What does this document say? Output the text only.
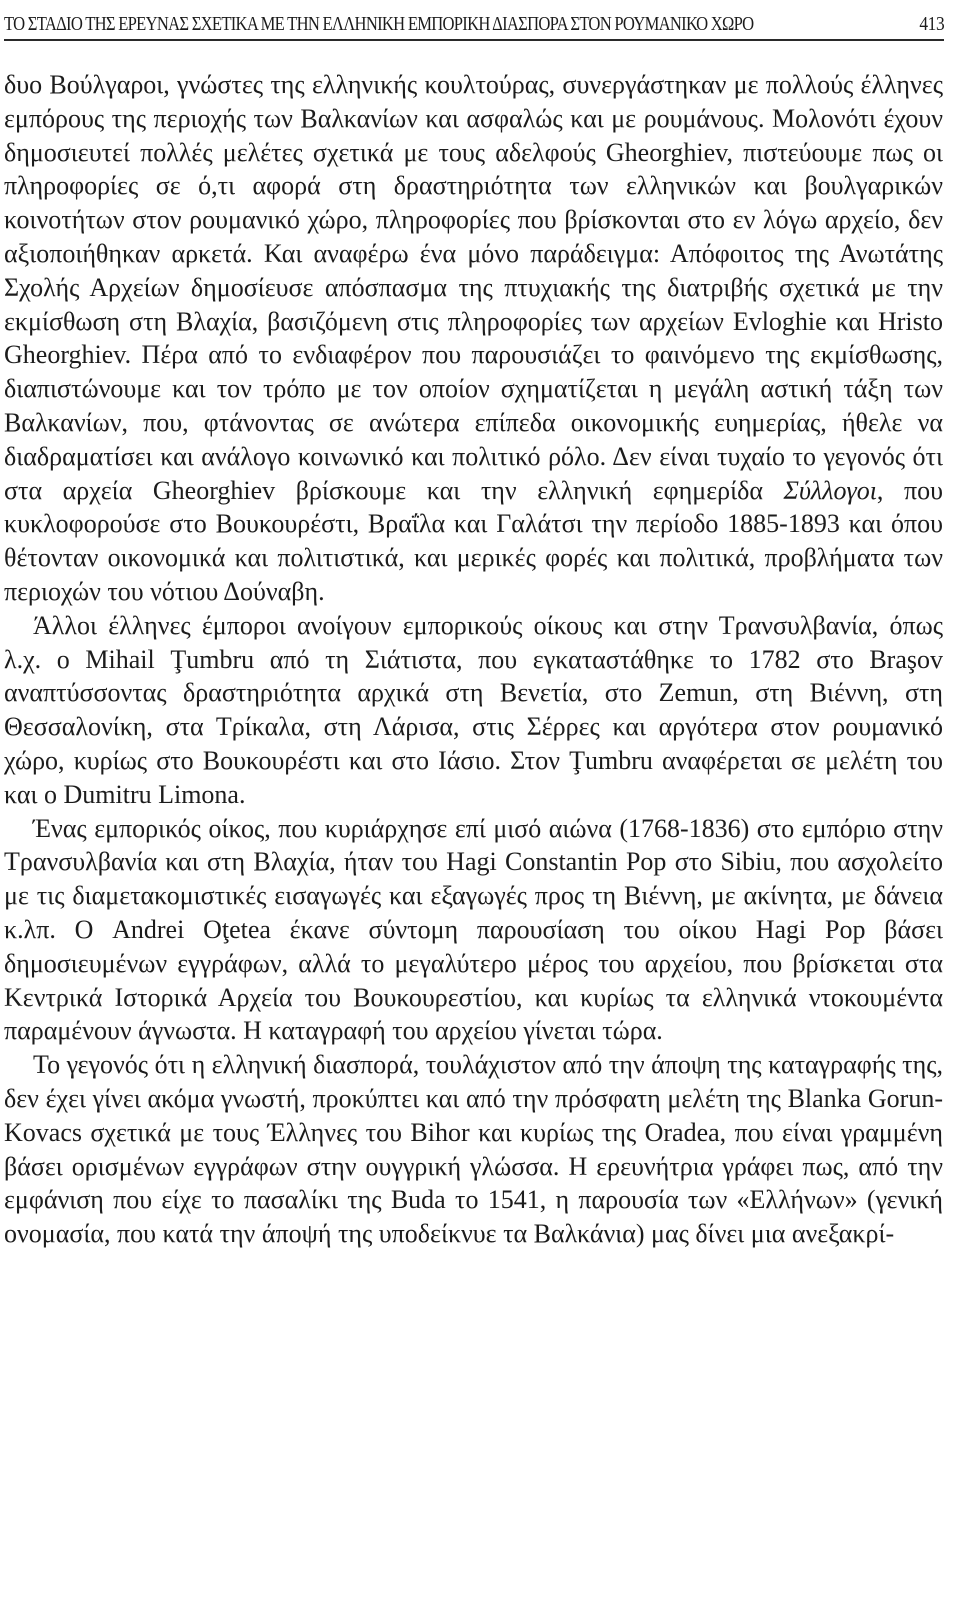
ΤΟ ΣΤΑΔΙΟ ΤΗΣ ΕΡΕΥΝΑΣ ΣΧΕΤΙΚΑ ΜΕ ΤΗΝ ΕΛΛΗΝΙΚΗ ΕΜΠΟΡΙΚΗ ΔΙΑΣΠΟΡΑ ΣΤΟΝ ΡΟΥΜΑΝΙΚΟ ΧΩΡΟ	413

δυο Βούλγαροι, γνώστες της ελληνικής κουλτούρας, συνεργάστηκαν με πολλούς έλληνες εμπόρους της περιοχής των Βαλκανίων και ασφαλώς και με ρουμάνους. Μολονότι έχουν δημοσιευτεί πολλές μελέτες σχετικά με τους αδελφούς Gheorghiev, πιστεύουμε πως οι πληροφορίες σε ό,τι αφορά στη δραστηριότητα των ελληνικών και βουλγαρικών κοινοτήτων στον ρουμανικό χώρο, πληροφορίες που βρίσκονται στο εν λόγω αρχείο, δεν αξιοποιήθηκαν αρκετά. Και αναφέρω ένα μόνο παράδειγμα: Απόφοιτος της Ανωτάτης Σχολής Αρχείων δημοσίευσε απόσπασμα της πτυχιακής της διατριβής σχετικά με την εκμίσθωση στη Βλαχία, βασιζόμενη στις πληροφορίες των αρχείων Evloghie και Hristo Gheorghiev. Πέρα από το ενδιαφέρον που παρουσιάζει το φαινόμενο της εκμίσθωσης, διαπιστώνουμε και τον τρόπο με τον οποίον σχηματίζεται η μεγάλη αστική τάξη των Βαλκανίων, που, φτάνοντας σε ανώτερα επίπεδα οικονομικής ευημερίας, ήθελε να διαδραματίσει και ανάλογο κοινωνικό και πολιτικό ρόλο. Δεν είναι τυχαίο το γεγονός ότι στα αρχεία Gheorghiev βρίσκουμε και την ελληνική εφημερίδα Σύλλογοι, που κυκλοφορούσε στο Βουκουρέστι, Βραΐλα και Γαλάτσι την περίοδο 1885-1893 και όπου θέτονταν οικονομικά και πολιτιστικά, και μερικές φορές και πολιτικά, προβλήματα των περιοχών του νότιου Δούναβη.

Άλλοι έλληνες έμποροι ανοίγουν εμπορικούς οίκους και στην Τρανσυλβανία, όπως λ.χ. ο Mihail Ţumbru από τη Σιάτιστα, που εγκαταστάθηκε το 1782 στο Braşov αναπτύσσοντας δραστηριότητα αρχικά στη Βενετία, στο Zemun, στη Βιέννη, στη Θεσσαλονίκη, στα Τρίκαλα, στη Λάρισα, στις Σέρρες και αργότερα στον ρουμανικό χώρο, κυρίως στο Βουκουρέστι και στο Ιάσιο. Στον Ţumbru αναφέρεται σε μελέτη του και ο Dumitru Limona.

Ένας εμπορικός οίκος, που κυριάρχησε επί μισό αιώνα (1768-1836) στο εμπόριο στην Τρανσυλβανία και στη Βλαχία, ήταν του Hagi Constantin Pop στο Sibiu, που ασχολείτο με τις διαμετακομιστικές εισαγωγές και εξαγωγές προς τη Βιέννη, με ακίνητα, με δάνεια κ.λπ. Ο Andrei Oţetea έκανε σύντομη παρουσίαση του οίκου Hagi Pop βάσει δημοσιευμένων εγγράφων, αλλά το μεγαλύτερο μέρος του αρχείου, που βρίσκεται στα Κεντρικά Ιστορικά Αρχεία του Βουκουρεστίου, και κυρίως τα ελληνικά ντοκουμέντα παραμένουν άγνωστα. Η καταγραφή του αρχείου γίνεται τώρα.

Το γεγονός ότι η ελληνική διασπορά, τουλάχιστον από την άποψη της καταγραφής της, δεν έχει γίνει ακόμα γνωστή, προκύπτει και από την πρόσφατη μελέτη της Blanka Gorun-Kovacs σχετικά με τους Έλληνες του Bihor και κυρίως της Oradea, που είναι γραμμένη βάσει ορισμένων εγγράφων στην ουγγρική γλώσσα. Η ερευνήτρια γράφει πως, από την εμφάνιση που είχε το πασαλίκι της Buda το 1541, η παρουσία των «Ελλήνων» (γενική ονομασία, που κατά την άποψή της υποδείκνυε τα Βαλκάνια) μας δίνει μια ανεξακρί-
